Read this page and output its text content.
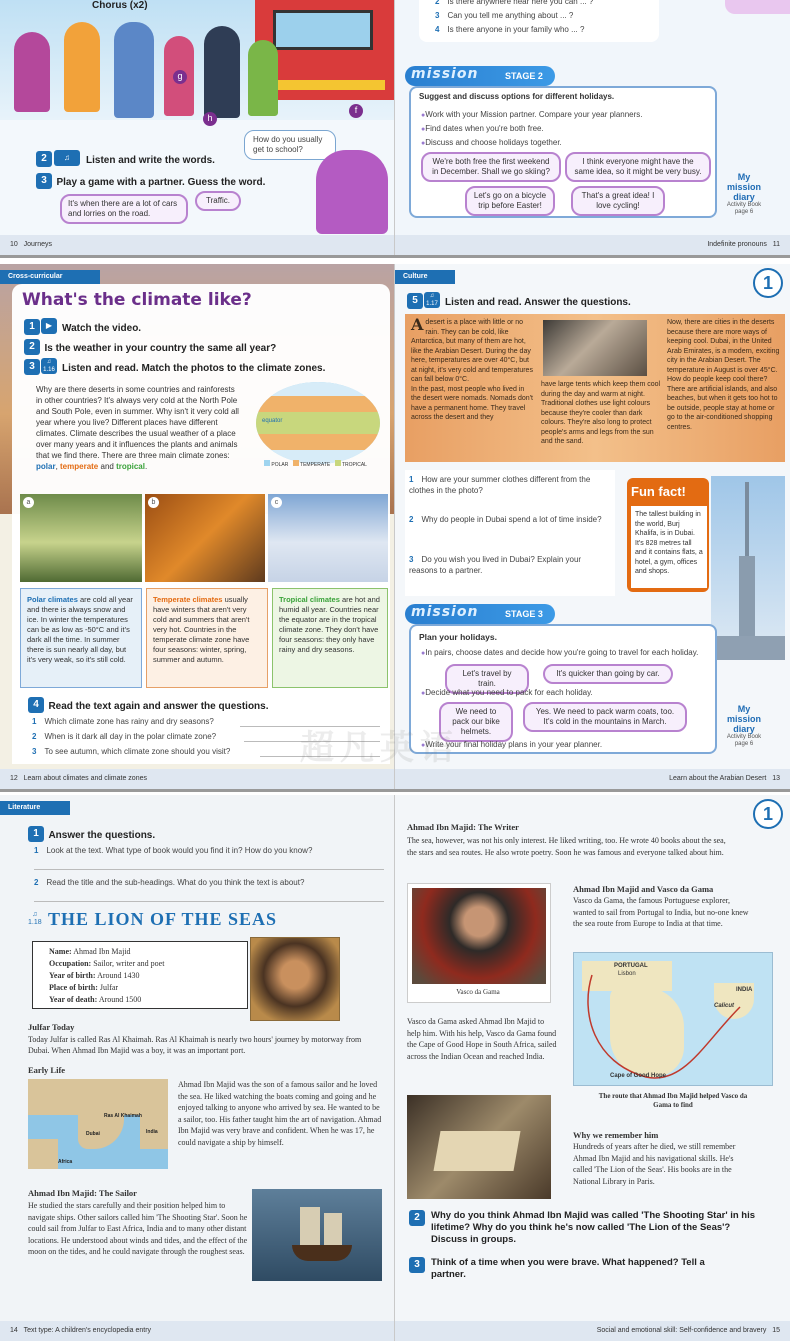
Chorus (x2)
g
f
h
2	♫	Listen and write the words.
3 Play a game with a partner. Guess the word.
How do you usually get to school?
It's when there are a lot of cars and lorries on the road.
Traffic.
10 Journeys
2 Is there anywhere near here you can ... ?
3 Can you tell me anything about ... ?
4 Is there anyone in your family who ... ?
mission	STAGE 2
Suggest and discuss options for different holidays.
● Work with your Mission partner. Compare your year planners.
● Find dates when you're both free.
● Discuss and choose holidays together.
We're both free the first weekend in December. Shall we go skiing?
I think everyone might have the same idea, so it might be very busy.
Let's go on a bicycle trip before Easter!
That's a great idea! I love cycling!
My
mission
diary
Activity Book
page 6
Indefinite pronouns 11
Cross-curricular
What's the climate like?
1	▶ Watch the video.
2 Is the weather in your country the same all year?
3	♫
1.16 Listen and read. Match the photos to the climate zones.
Why are there deserts in some countries and rainforests in other countries? It's always very cold at the North Pole and South Pole, even in summer. Why isn't it very cold all year where you live? Different places have different climates. Climate describes the usual weather of a place over many years and it influences the plants and animals that we find there. There are three main climate zones: polar, temperate and tropical.
equator
POLAR TEMPERATE TROPICAL
a	b	c
Polar climates are cold all year and there is always snow and ice. In winter the temperatures can be as low as -50°C and it's dark all the time. In summer there is sun nearly all day, but it's very weak, so it's still cold.
Temperate climates usually have winters that aren't very cold and summers that aren't very hot. Countries in the temperate climate zone have four seasons: winter, spring, summer and autumn.
Tropical climates are hot and humid all year. Countries near the equator are in the tropical climate zone. They don't have four seasons: they only have rainy and dry seasons.
4 Read the text again and answer the questions.
1 Which climate zone has rainy and dry seasons?
2 When is it dark all day in the polar climate zone?
3 To see autumn, which climate zone should you visit?
12 Learn about climates and climate zones
Culture	1
5	♫
1.17 Listen and read. Answer the questions.
Adesert is a place with little or no rain. They can be cold, like Antarctica, but many of them are hot, like the Arabian Desert. During the day here, temperatures are over 40°C, but at night, it's very cold and temperatures can fall below 0°C.
In the past, most people who lived in the desert were nomads. Nomads don't have a permanent home. They travel across the desert and they
have large tents which keep them cool during the day and warm at night. Traditional clothes use light colours because they're cooler than dark colours. They're also long to protect people's arms and legs from the sun and the sand.
Now, there are cities in the deserts because there are more ways of keeping cool. Dubai, in the United Arab Emirates, is a modern, exciting city in the Arabian Desert. The temperature in August is over 45°C. How do people keep cool there? There are artificial islands, and also beaches, but when it gets too hot to be outside, people stay at home or go to the air-conditioned shopping centres.
1 How are your summer clothes different from the clothes in the photo?
2 Why do people in Dubai spend a lot of time inside?
3 Do you wish you lived in Dubai? Explain your reasons to a partner.
Fun fact!
The tallest building in the world, Burj Khalifa, is in Dubai. It's 828 metres tall and it contains flats, a hotel, a gym, offices and shops.
mission	STAGE 3
Plan your holidays.
● In pairs, choose dates and decide how you're going to travel for each holiday.
Let's travel by train.
It's quicker than going by car.
● Decide what you need to pack for each holiday.
We need to pack our bike helmets.
Yes. We need to pack warm coats, too. It's cold in the mountains in March.
● Write your final holiday plans in your year planner.
My
mission
diary
Activity Book
page 6
Learn about the Arabian Desert 13
Literature
1 Answer the questions.
1 Look at the text. What type of book would you find it in? How do you know?
2 Read the title and the sub-headings. What do you think the text is about?
♫
1.18 THE LION OF THE SEAS
Name: Ahmad Ibn Majid
Occupation: Sailor, writer and poet
Year of birth: Around 1430
Place of birth: Julfar
Year of death: Around 1500
Julfar Today
Today Julfar is called Ras Al Khaimah. Ras Al Khaimah is nearly two hours' journey by motorway from Dubai. When Ahmad Ibn Majid was a boy, it was an important port.
Early Life
Ras Al Khaimah
Dubai	India
Africa
Ahmad Ibn Majid was the son of a famous sailor and he loved the sea. He liked watching the boats coming and going and he enjoyed talking to anyone who arrived by sea. He wanted to be a sailor, too. His father taught him the art of navigation. Ahmad Ibn Majid was very brave and confident. When he was 17, he could navigate a ship by himself.
Ahmad Ibn Majid: The Sailor
He studied the stars carefully and their position helped him to navigate ships. Other sailors called him 'The Shooting Star'. Soon he could sail from Julfar to East Africa, India and to many other distant locations. He understood about winds and tides, and the effect of the moon on the tides, and he could navigate through the roughest seas.
14 Text type: A children's encyclopedia entry
1
Ahmad Ibn Majid: The Writer
The sea, however, was not his only interest. He liked writing, too. He wrote 40 books about the sea, the stars and sea routes. He also wrote poetry. Soon he was famous and everyone talked about him.
Vasco da Gama
Ahmad Ibn Majid and Vasco da Gama
Vasco da Gama, the famous Portuguese explorer, wanted to sail from Portugal to India, but no-one knew the sea route from Europe to India at that time.
Vasco da Gama asked Ahmad Ibn Majid to help him. With his help, Vasco da Gama found the Cape of Good Hope in South Africa, sailed across the Indian Ocean and reached India.
PORTUGAL
Lisbon
INDIA
Calicut
Cape of Good Hope
The route that Ahmad Ibn Majid helped Vasco da Gama to find
Why we remember him
Hundreds of years after he died, we still remember Ahmad Ibn Majid and his navigational skills. He's called 'The Lion of the Seas'. His books are in the National Library in Paris.
2	Why do you think Ahmad Ibn Majid was called 'The Shooting Star' in his lifetime? Why do you think he's now called 'The Lion of the Seas'? Discuss in groups.
3	Think of a time when you were brave. What happened? Tell a partner.
Social and emotional skill: Self-confidence and bravery 15
超凡英语
